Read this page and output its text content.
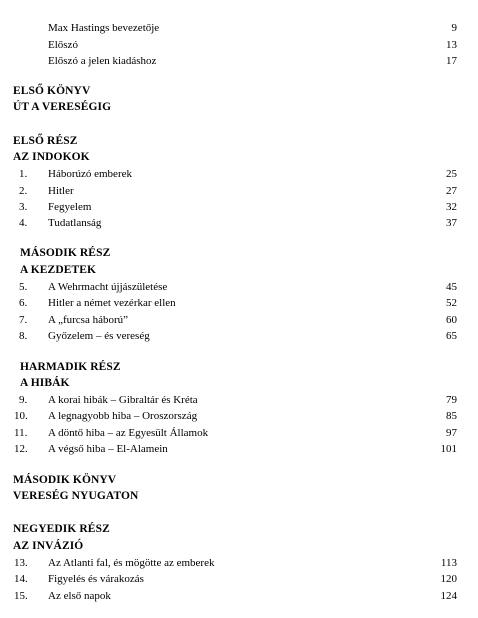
Max Hastings bevezetője	9
Előszó	13
Előszó a jelen kiadáshoz	17
ELSŐ KÖNYV
ÚT A VERESÉGIG
ELSŐ RÉSZ
AZ INDOKOK
1. Háborúzó emberek	25
2. Hitler	27
3. Fegyelem	32
4. Tudatlanság	37
MÁSODIK RÉSZ
A KEZDETEK
5. A Wehrmacht újjászületése	45
6. Hitler a német vezérkar ellen	52
7. A „furcsa háború”	60
8. Győzelem – és vereség	65
HARMADIK RÉSZ
A HIBÁK
9. A korai hibák – Gibraltár és Kréta	79
10. A legnagyobb hiba – Oroszország	85
11. A döntő hiba – az Egyesült Államok	97
12. A végső hiba – El-Alamein	101
MÁSODIK KÖNYV
VERESÉG NYUGATON
NEGYEDIK RÉSZ
AZ INVÁZIÓ
13. Az Atlanti fal, és mögötte az emberek	113
14. Figyelés és várakozás	120
15. Az első napok	124
